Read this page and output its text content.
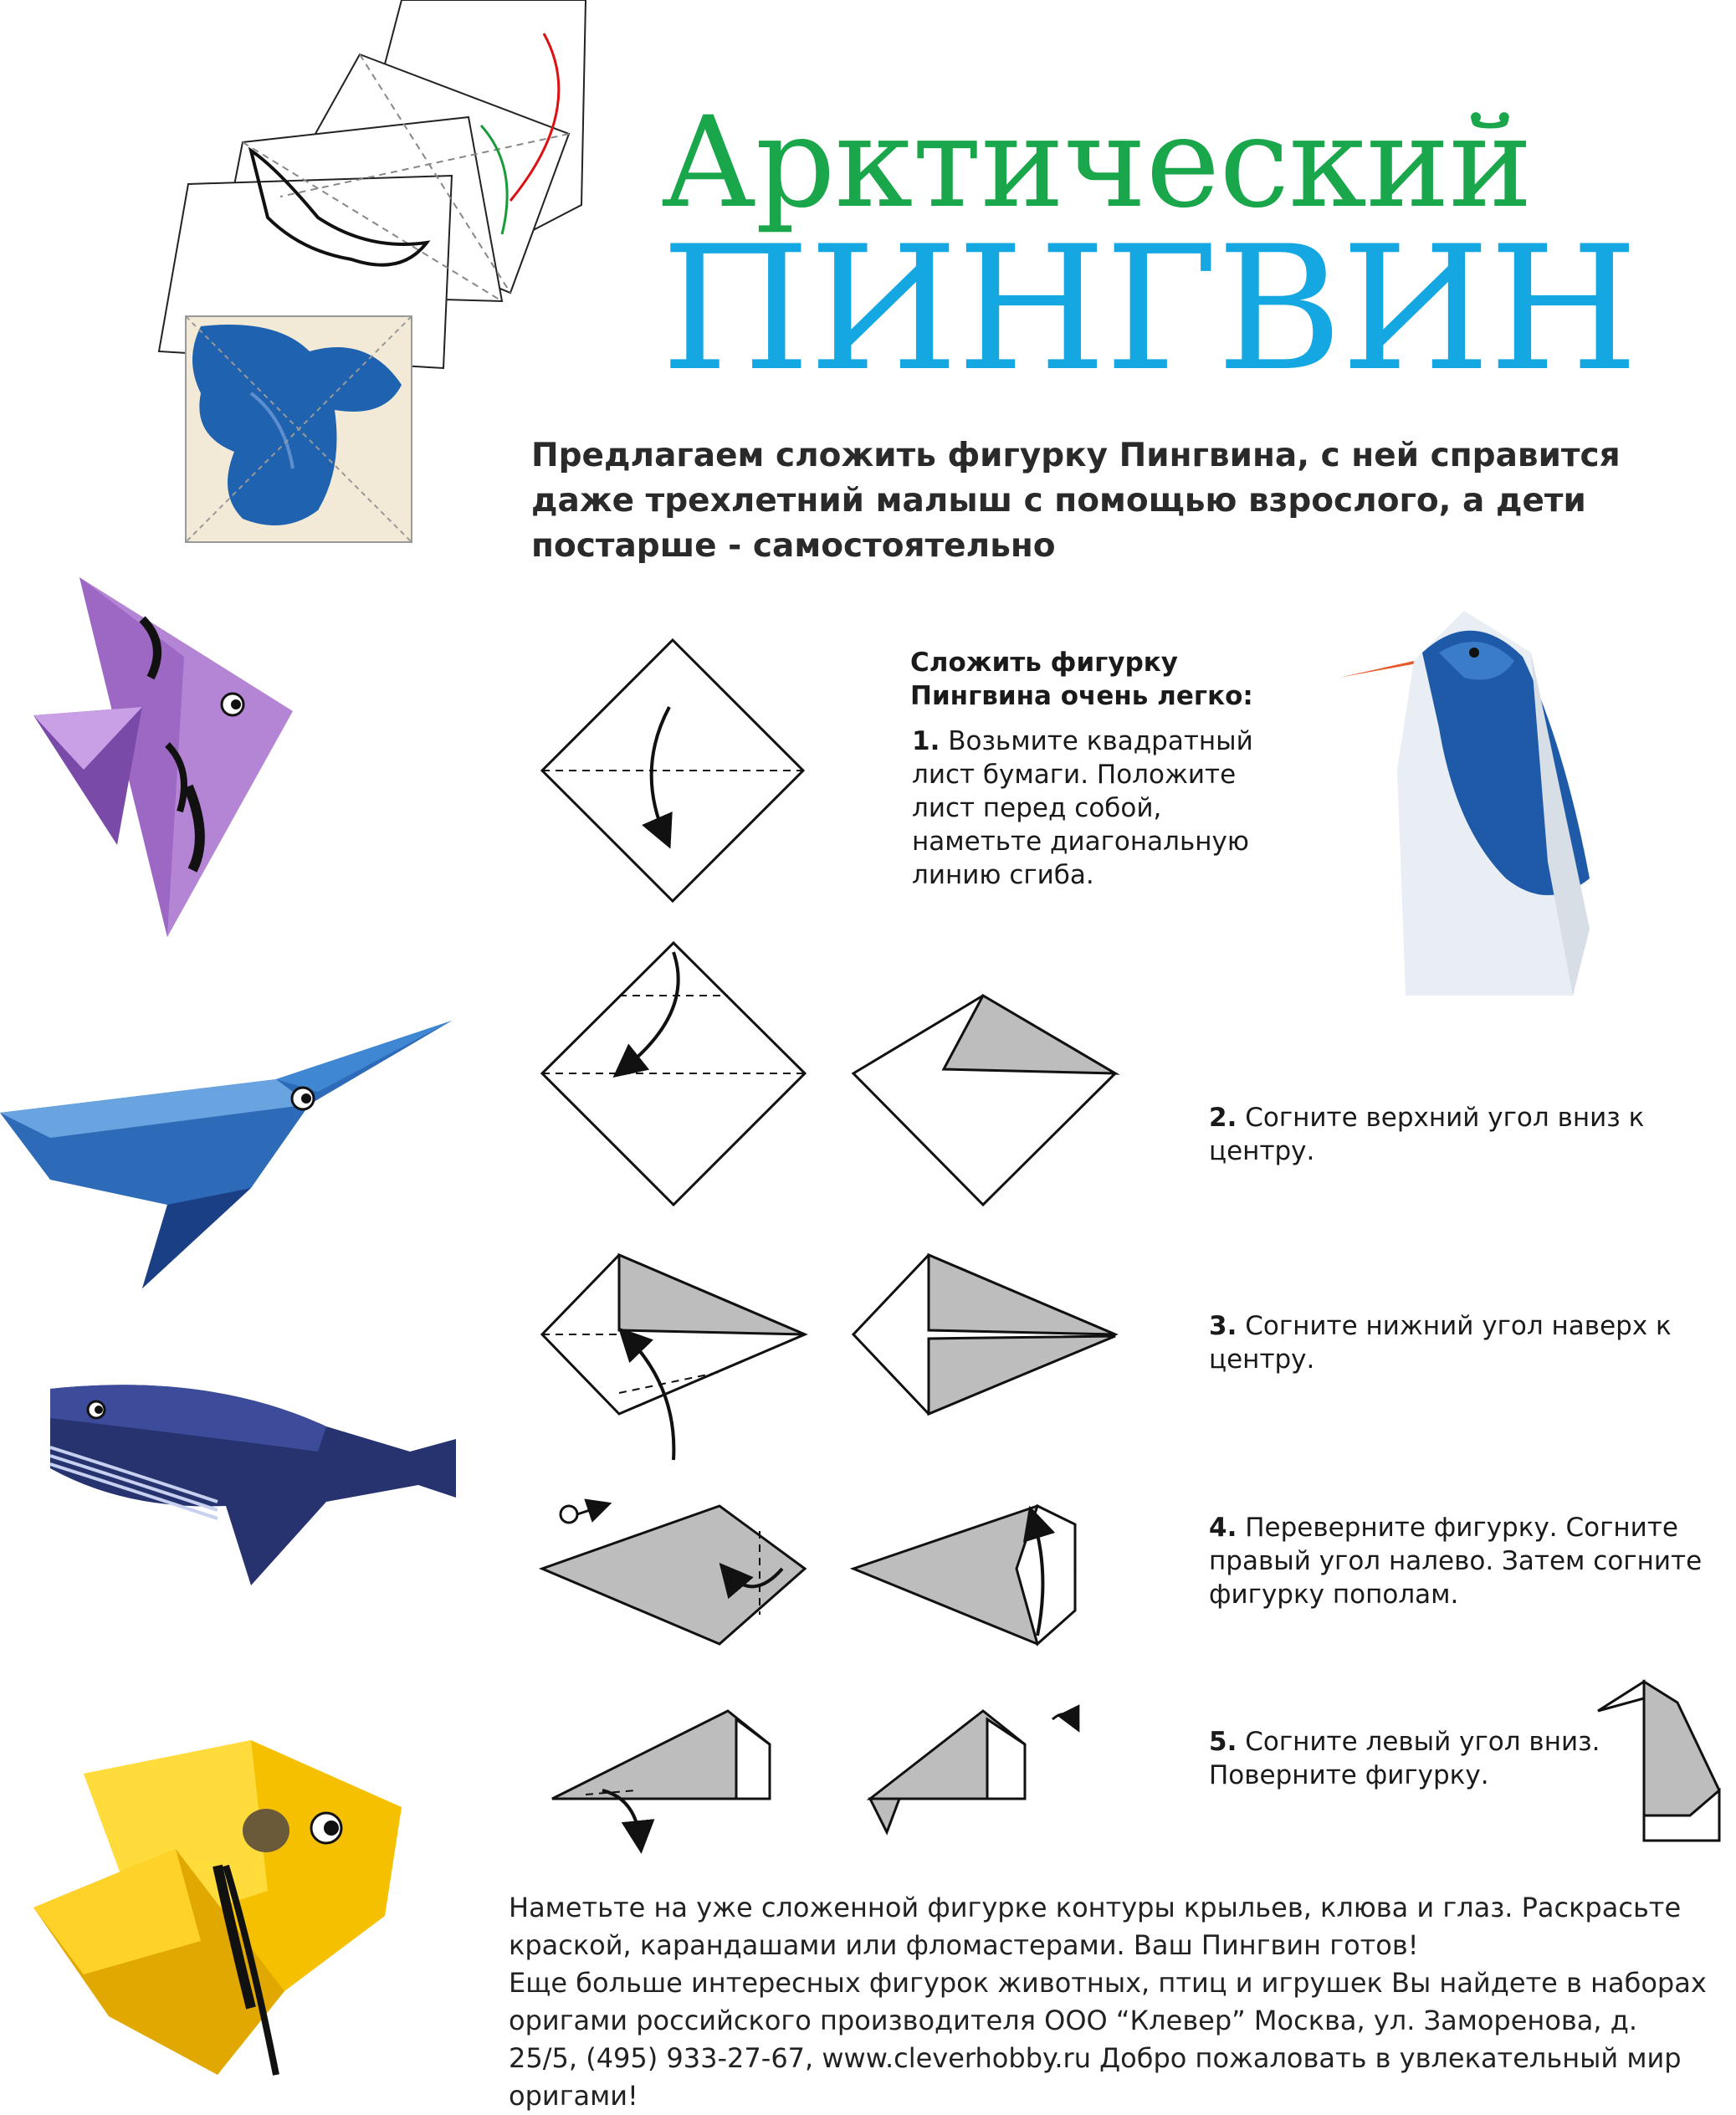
Арктический
ПИНГВИН
Предлагаем сложить фигурку Пингвина, с ней справится даже трехлетний малыш с помощью взрослого, а дети постарше - самостоятельно
Сложить фигурку Пингвина очень легко:
1. Возьмите квадратный лист бумаги. Положите лист перед собой, наметьте диагональную линию сгиба.
2. Согните верхний угол вниз к центру.
3. Согните нижний угол наверх к центру.
4. Переверните фигурку. Согните правый угол налево. Затем согните фигурку пополам.
5. Согните левый угол вниз. Поверните фигурку.

Наметьте на уже сложенной фигурке контуры крыльев, клюва и глаз. Раскрасьте краской, карандашами или фломастерами. Ваш Пингвин готов!

Еще больше интересных фигурок животных, птиц и игрушек Вы найдете в наборах оригами российского производителя ООО “Клевер” Москва, ул. Заморенова, д. 25/5, (495) 933-27-67, www.cleverhobby.ru Добро пожаловать в увлекательный мир оригами!
